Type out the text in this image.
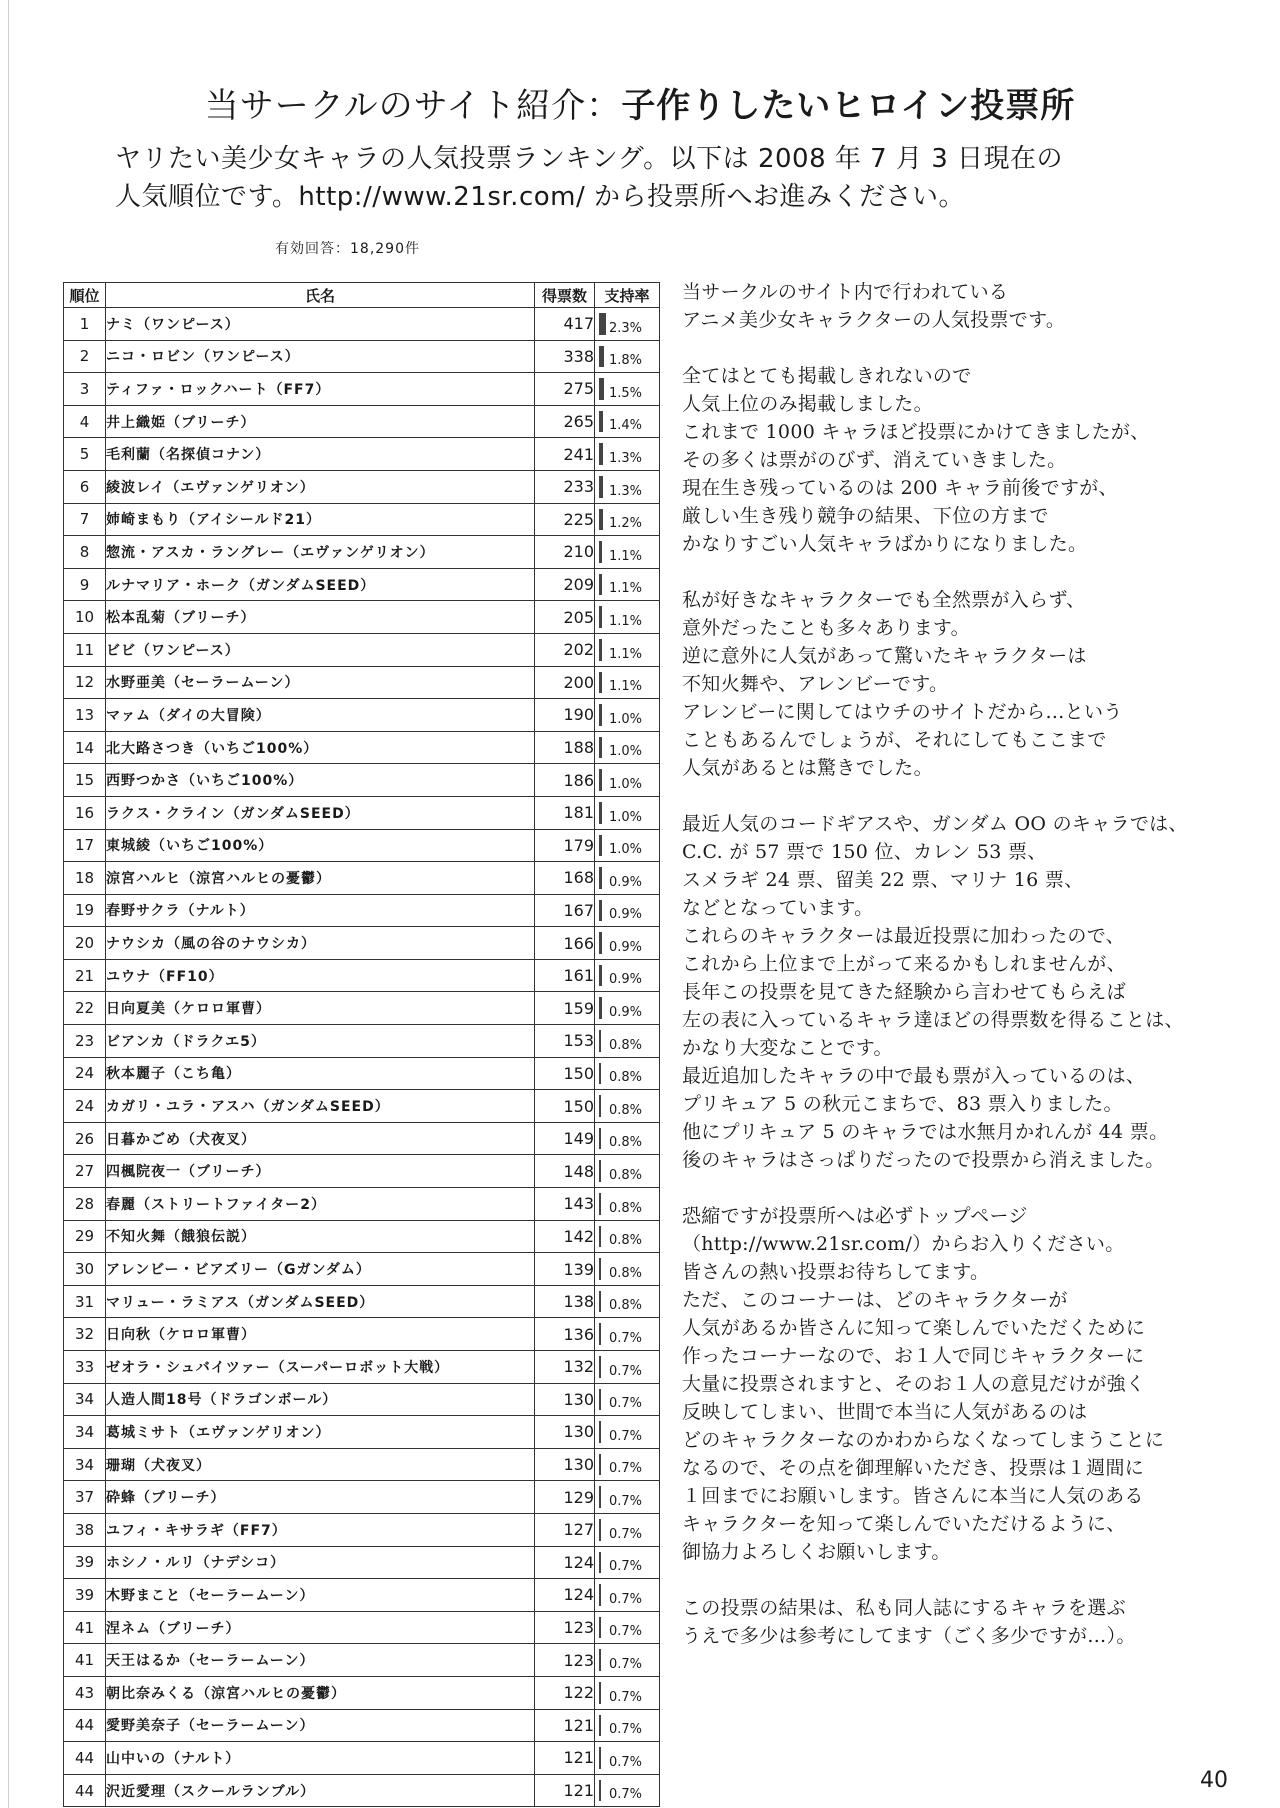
当サークルのサイト紹介：子作りしたいヒロイン投票所
ヤリたい美少女キャラの人気投票ランキング。以下は 2008 年 7 月 3 日現在の
人気順位です。http://www.21sr.com/ から投票所へお進みください。
有効回答：18,290件
順位	氏名	得票数	支持率
1	ナミ（ワンピース）	417	2.3%

2	ニコ・ロビン（ワンピース）	338	1.8%

3	ティファ・ロックハート（FF7）	275	1.5%

4	井上織姫（ブリーチ）	265	1.4%

5	毛利蘭（名探偵コナン）	241	1.3%

6	綾波レイ（エヴァンゲリオン）	233	1.3%

7	姉崎まもり（アイシールド21）	225	1.2%

8	惣流・アスカ・ラングレー（エヴァンゲリオン）	210	1.1%

9	ルナマリア・ホーク（ガンダムSEED）	209	1.1%

10	松本乱菊（ブリーチ）	205	1.1%

11	ビビ（ワンピース）	202	1.1%

12	水野亜美（セーラームーン）	200	1.1%

13	マァム（ダイの大冒険）	190	1.0%

14	北大路さつき（いちご100%）	188	1.0%

15	西野つかさ（いちご100%）	186	1.0%

16	ラクス・クライン（ガンダムSEED）	181	1.0%

17	東城綾（いちご100%）	179	1.0%

18	涼宮ハルヒ（涼宮ハルヒの憂鬱）	168	0.9%

19	春野サクラ（ナルト）	167	0.9%

20	ナウシカ（風の谷のナウシカ）	166	0.9%

21	ユウナ（FF10）	161	0.9%

22	日向夏美（ケロロ軍曹）	159	0.9%

23	ビアンカ（ドラクエ5）	153	0.8%

24	秋本麗子（こち亀）	150	0.8%

24	カガリ・ユラ・アスハ（ガンダムSEED）	150	0.8%

26	日暮かごめ（犬夜叉）	149	0.8%

27	四楓院夜一（ブリーチ）	148	0.8%

28	春麗（ストリートファイター2）	143	0.8%

29	不知火舞（餓狼伝説）	142	0.8%

30	アレンビー・ビアズリー（Gガンダム）	139	0.8%

31	マリュー・ラミアス（ガンダムSEED）	138	0.8%

32	日向秋（ケロロ軍曹）	136	0.7%

33	ゼオラ・シュバイツァー（スーパーロボット大戦）	132	0.7%

34	人造人間18号（ドラゴンボール）	130	0.7%

34	葛城ミサト（エヴァンゲリオン）	130	0.7%

34	珊瑚（犬夜叉）	130	0.7%

37	砕蜂（ブリーチ）	129	0.7%

38	ユフィ・キサラギ（FF7）	127	0.7%

39	ホシノ・ルリ（ナデシコ）	124	0.7%

39	木野まこと（セーラームーン）	124	0.7%

41	涅ネム（ブリーチ）	123	0.7%

41	天王はるか（セーラームーン）	123	0.7%

43	朝比奈みくる（涼宮ハルヒの憂鬱）	122	0.7%

44	愛野美奈子（セーラームーン）	121	0.7%

44	山中いの（ナルト）	121	0.7%

44	沢近愛理（スクールランブル）	121	0.7%

当サークルのサイト内で行われている
アニメ美少女キャラクターの人気投票です。

全てはとても掲載しきれないので
人気上位のみ掲載しました。
これまで 1000 キャラほど投票にかけてきましたが、
その多くは票がのびず、消えていきました。
現在生き残っているのは 200 キャラ前後ですが、
厳しい生き残り競争の結果、下位の方まで
かなりすごい人気キャラばかりになりました。

私が好きなキャラクターでも全然票が入らず、
意外だったことも多々あります。
逆に意外に人気があって驚いたキャラクターは
不知火舞や、アレンビーです。
アレンビーに関してはウチのサイトだから…という
こともあるんでしょうが、それにしてもここまで
人気があるとは驚きでした。

最近人気のコードギアスや、ガンダム OO のキャラでは、
C.C. が 57 票で 150 位、カレン 53 票、
スメラギ 24 票、留美 22 票、マリナ 16 票、
などとなっています。
これらのキャラクターは最近投票に加わったので、
これから上位まで上がって来るかもしれませんが、
長年この投票を見てきた経験から言わせてもらえば
左の表に入っているキャラ達ほどの得票数を得ることは、
かなり大変なことです。
最近追加したキャラの中で最も票が入っているのは、
プリキュア 5 の秋元こまちで、83 票入りました。
他にプリキュア 5 のキャラでは水無月かれんが 44 票。
後のキャラはさっぱりだったので投票から消えました。

恐縮ですが投票所へは必ずトップページ
（http://www.21sr.com/）からお入りください。
皆さんの熱い投票お待ちしてます。
ただ、このコーナーは、どのキャラクターが
人気があるか皆さんに知って楽しんでいただくために
作ったコーナーなので、お１人で同じキャラクターに
大量に投票されますと、そのお１人の意見だけが強く
反映してしまい、世間で本当に人気があるのは
どのキャラクターなのかわからなくなってしまうことに
なるので、その点を御理解いただき、投票は１週間に
１回までにお願いします。皆さんに本当に人気のある
キャラクターを知って楽しんでいただけるように、
御協力よろしくお願いします。

この投票の結果は、私も同人誌にするキャラを選ぶ
うえで多少は参考にしてます（ごく多少ですが…）。

40
